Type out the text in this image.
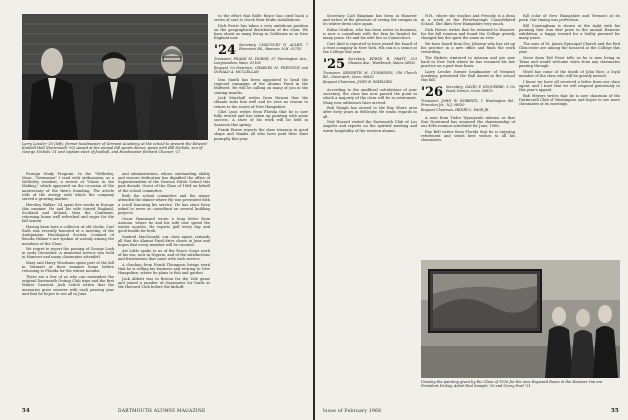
Larry Lessler '25 (left), former headmaster of Vermont Academy, at the school to present the Edward Kimball Hall (Dartmouth '92) Award at the annual fall sports dinner, poses with Bill Nichols, son of George Nichols '31 and captain-elect of football, and Headmaster Richard Cheever '27.

Foreign Study Program. In the "Wellesley, Mass., Townsman" I read with enthusiasm, as a Wellesley resident, a review of "Music in the Making," which appeared on the occasion of the anniversary of the firm's founding. The article tells of the energy with which the company served a growing market.

Hershey Walker '24 spent five weeks in Europe this summer. He and his wife toured England, Scotland and Ireland, then the Continent, returning home well refreshed and eager for the fall season.

Having been here a collector of old clocks, Carl Rath was recently honored at a meeting of the Antiquarian Horological Society. Leonard of Brooks Palmer's are spoken of warmly among the members of the Class.

We regret to report the passing of George Lusk in early December. A memorial service was held in Hanover and many classmates attended.

Mary and Harry Woodsum spent part of the fall in Vermont at their summer home before returning to Florida for the winter months.

There are a few of us who can remember the original Dartmouth Outing Club trips and the first Winter Carnival. Jack Leitch writes that the memories grow sweeter with each passing year and that he hopes to see all in June.

and administration, whose outstanding ability and sincere dedication has dignified the office of Superintendent of the Newton Public School this past decade. Guest of the Class of 1964 on behalf of the school committee.

Both the school committee and the mayor attended the dinner where Hy was presented with a scroll honoring his service. He has since been asked to serve as consultant on several building projects.

Oscar Hammond wrote a long letter from Arizona, where he and his wife now spend the winter months. He reports golf every day and good health for both.

Sanford MacDonald, our class agent, reminds all that the Alumni Fund drive closes in June and hopes that every member will be counted.

Art Little spoke to us of the Peace Corps work of his son, now in Nigeria, and of the satisfactions and frustrations that come with such service.

A checkup from Frank Thompson brings word that he is selling his business and retiring to New Hampshire, where he plans to fish and garden.

Jack Abbott was in Boston for the Yale game and joined a number of classmates for lunch at the Harvard Club before the kickoff.

to the effort that Rolfe Royce has cited back a series of cars to check their brake installations.

Dick Ferris has taken a very ambitious position on the geographical distribution of the class. We have about as many living in California as in New England now.

'24 Secretary, CHAUNCEY N. ALLEN, 7 Riverview Rd., Hanover, N.H. 03755
Treasurer, FRANK M. HORNE, 67 Farmington Ave., Longmeadow, Mass. 01106
Bequest Co-chairmen, CHARLES M. PRENTICE and DONALD A. MCCLELLAN

Don Smith has been appointed to head the regional campaign of the Alumni Fund in the Midwest. He will be calling on many of you in the coming months.

Jack Marshall writes from Hawaii that the climate suits him well and he sees no reason to return to the snows of New Hampshire.

Chet Lyon writes from Florida that he is now fully retired and has taken up painting with some success. A show of his work will be held in Sarasota this spring.

Frank Horne reports the class treasury in good shape and thanks all who have paid their dues promptly this year.

54	DARTMOUTH ALUMNI MAGAZINE

Secretary Carl Bingham has been in Hanover and writes of the pleasure of seeing the campus in its winter dress once again.

Rufus Grafton, who has been active in business, is now a consultant with the firm he headed for many years. He and his wife live in Connecticut.

Curt Abel is reported to have joined the board of a trust company in New York. His son is a senior at the College this year.

'25 Secretary, EDWIN B. PRATT, 323 Gleason Ave., Westbrook, Maine 04092
Treasurer, KENNETH M. CUMMINGS, Old Church Rd., Greenwich, Conn. 06830
Bequest Chairman, JOHN B. WHELDEN

According to the unofficial calculations of your secretary, the class has now passed the point at which a majority of the class will be in retirement. Many new addresses have arrived.

Bob Waugh has moved to the Bay Shore area after forty years in Wellesley. He sends regards to all.

Ned Hazard visited the Dartmouth Club of Los Angeles and reports on the spirited meeting and warm hospitality of the western alumni.

N.H., where she teaches and Frenchy is a dean at a week at the Peterborough Consolidated School. She likes New Hampshire very much.

Dick Howes writes that he returned to Hanover for the fall reunion and found the College greatly changed but the spirit the same as ever.

We have heard from Doc Johnson who has set up his practice in a new office and finds the work rewarding.

The Bickets wintered in Arizona and are now back in New York where he has resumed his law practice on a part-time basis.

Larry Lessler, former headmaster of Vermont Academy, presented the Hall Award at the school this fall.

'26 Secretary, DAVID F. ESQUERRE, 9 Ox Road, Darien, Conn. 06820
Treasurer, JOHN W. ROBERTS, 1 Washington Rd., Princeton Jct., N.J. 08550
Bequest Chairman, HENRY L. PAGE JR.

A note from Tudor Wyneyards informs us that Don Norstrand has assumed the chairmanship of our 40th reunion scheduled for June, 1966.

Ray Bell writes from Florida that he is enjoying retirement and sends best wishes to all his classmates.

full color of New Hampshire and Vermont at its peak. Our timing was perfection.

Bill Cunningham is shown at the right with his painting that won first prize in the annual Hanover exhibition, a happy reward for a hobby pursued for many years.

The sons of St. James Episcopal Church and the Red Gloucester are among the honored at the College this year.

News from Ted Frost tells us he is now living in Texas and would welcome visits from any classmates passing through.

Word has come of the death of John Rice, a loyal member of the class who will be greatly missed.

I know we have all received a letter from our class agent, and I trust that we will respond generously to this year's appeal.

Bob Meyers writes that he is now chairman of the Dartmouth Club of Washington and hopes to see more classmates at its meetings.

Viewing the painting given by the Class of 1926 for the new Hayward Room in the Hanover Inn are President Dickey, Artist Paul Sample '20 and Corey Ford '21.
Issue of February 1968	55
